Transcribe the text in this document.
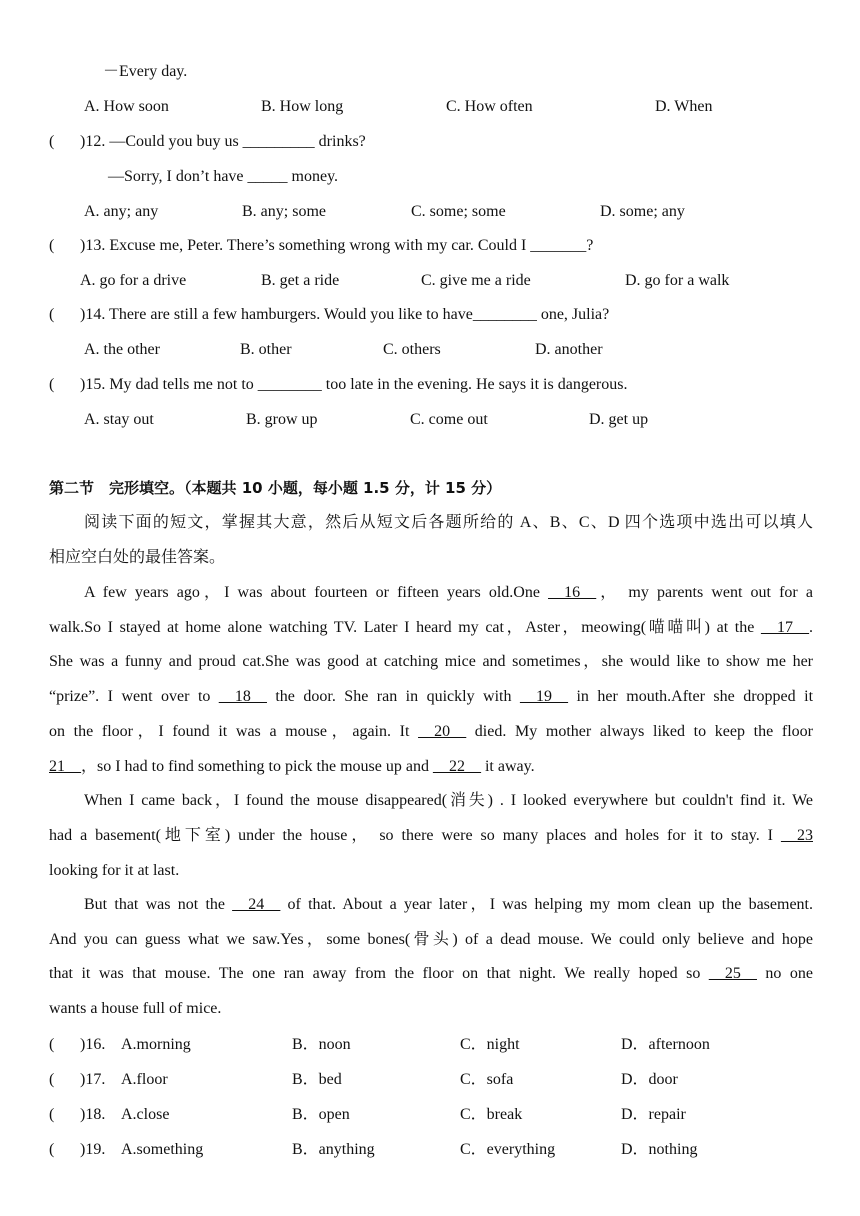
－Every day.
A. How soon	B. How long	C. How often	D. When
( )12. —Could you buy us _________ drinks?
—Sorry, I don’t have _____ money.
A. any; any	B. any; some	C. some; some	D. some; any
( )13. Excuse me, Peter. There’s something wrong with my car. Could I _______?
A. go for a drive	B. get a ride	C. give me a ride	D. go for a walk
( )14. There are still a few hamburgers. Would you like to have________ one, Julia?
A. the other	B. other	C. others	D. another
( )15. My dad tells me not to ________ too late in the evening. He says it is dangerous.
A. stay out	B. grow up	C. come out	D. get up
第二节　完形填空。（本题共 10 小题，每小题 1.5 分，计 15 分）
阅读下面的短文，掌握其大意，然后从短文后各题所给的 A、B、C、D 四个选项中选出可以填人
相应空白处的最佳答案。
A few years ago，I was about fourteen or fifteen years old.One __16__， my parents went out for a
walk.So I stayed at home alone watching TV. Later I heard my cat，Aster，meowing(喵喵叫) at the __17__.
She was a funny and proud cat.She was good at catching mice and sometimes，she would like to show me her
“prize”. I went over to __18__ the door. She ran in quickly with __19__ in her mouth.After she dropped it
on the floor，I found it was a mouse，again. It __20__ died. My mother always liked to keep the floor
21__，so I had to find something to pick the mouse up and __22__ it away.
When I came back，I found the mouse disappeared(消失) . I looked everywhere but couldn't find it. We
had a basement(地下室) under the house， so there were so many places and holes for it to stay. I __23
looking for it at last.
But that was not the __24__ of that. About a year later，I was helping my mom clean up the basement.
And you can guess what we saw.Yes，some bones(骨头) of a dead mouse. We could only believe and hope
that it was that mouse. The one ran away from the floor on that night. We really hoped so __25__ no one
wants a house full of mice.
( )16. A.morning	B．noon	C．night	D．afternoon
( )17. A.floor	B．bed	C．sofa	D．door
( )18. A.close	B．open	C．break	D．repair
( )19. A.something	B．anything	C．everything	D．nothing
